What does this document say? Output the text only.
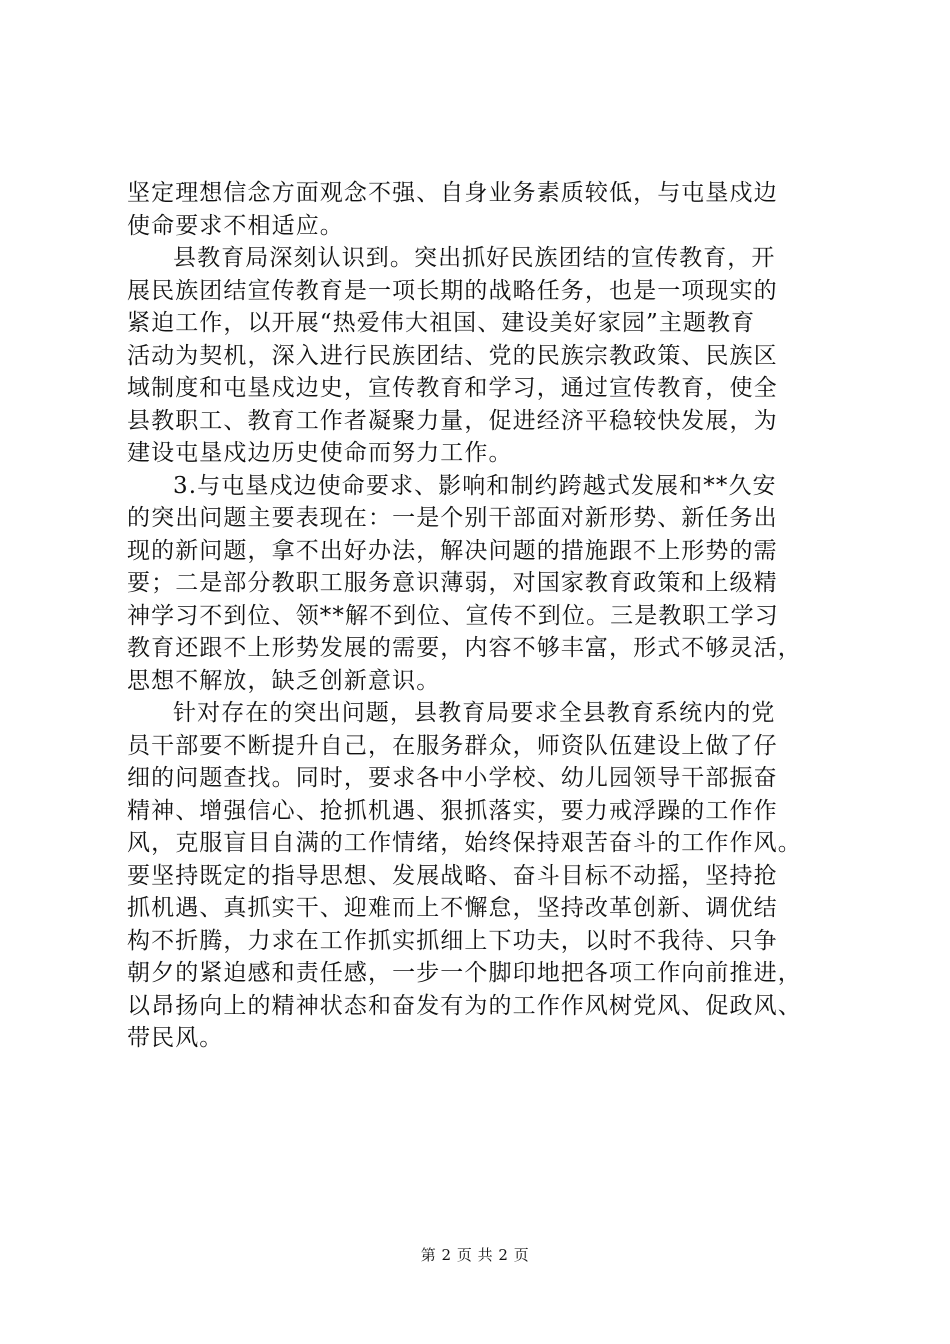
坚定理想信念方面观念不强、自身业务素质较低，与屯垦戍边
使命要求不相适应。
县教育局深刻认识到。突出抓好民族团结的宣传教育，开
展民族团结宣传教育是一项长期的战略任务，也是一项现实的
紧迫工作，以开展“热爱伟大祖国、建设美好家园”主题教育
活动为契机，深入进行民族团结、党的民族宗教政策、民族区
域制度和屯垦戍边史，宣传教育和学习，通过宣传教育，使全
县教职工、教育工作者凝聚力量，促进经济平稳较快发展，为
建设屯垦戍边历史使命而努力工作。
3.与屯垦戍边使命要求、影响和制约跨越式发展和**久安
的突出问题主要表现在：一是个别干部面对新形势、新任务出
现的新问题，拿不出好办法，解决问题的措施跟不上形势的需
要；二是部分教职工服务意识薄弱，对国家教育政策和上级精
神学习不到位、领**解不到位、宣传不到位。三是教职工学习
教育还跟不上形势发展的需要，内容不够丰富，形式不够灵活，
思想不解放，缺乏创新意识。
针对存在的突出问题，县教育局要求全县教育系统内的党
员干部要不断提升自己，在服务群众，师资队伍建设上做了仔
细的问题查找。同时，要求各中小学校、幼儿园领导干部振奋
精神、增强信心、抢抓机遇、狠抓落实，要力戒浮躁的工作作
风，克服盲目自满的工作情绪，始终保持艰苦奋斗的工作作风。
要坚持既定的指导思想、发展战略、奋斗目标不动摇，坚持抢
抓机遇、真抓实干、迎难而上不懈怠，坚持改革创新、调优结
构不折腾，力求在工作抓实抓细上下功夫，以时不我待、只争
朝夕的紧迫感和责任感，一步一个脚印地把各项工作向前推进，
以昂扬向上的精神状态和奋发有为的工作作风树党风、促政风、
带民风。
第 2 页 共 2 页
